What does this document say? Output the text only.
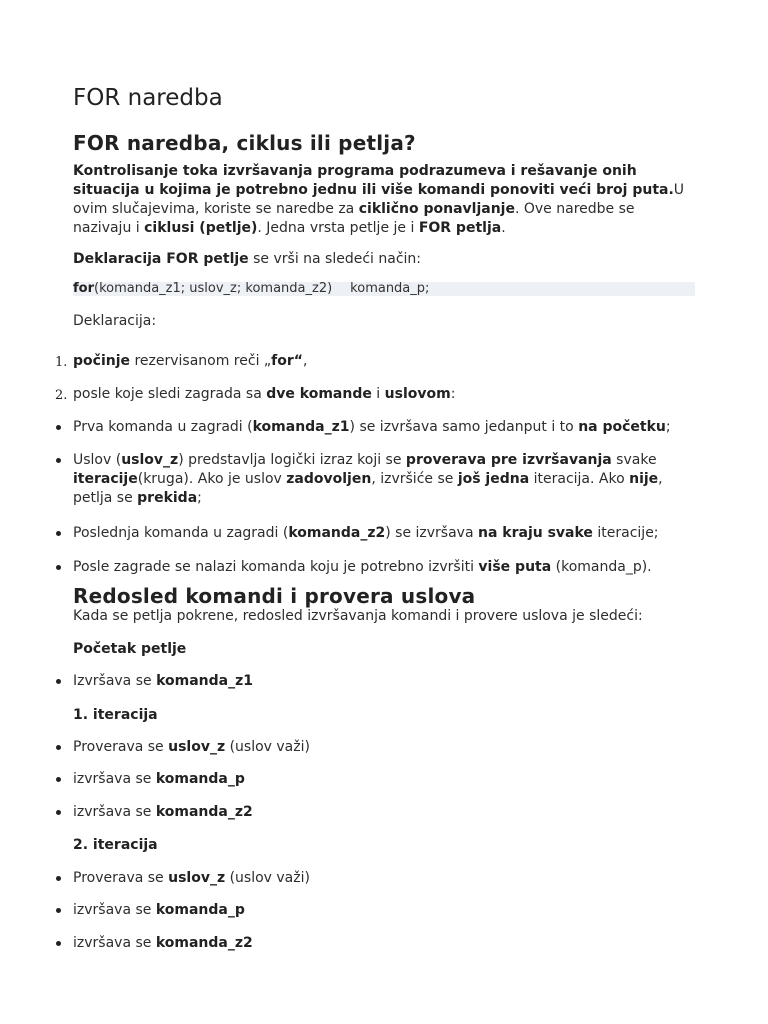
FOR naredba
FOR naredba, ciklus ili petlja?

Kontrolisanje toka izvršavanja programa podrazumeva i rešavanje onih situacija u kojima je potrebno jednu ili više komandi ponoviti veći broj puta.U ovim slučajevima, koriste se naredbe za ciklično ponavljanje. Ove naredbe se nazivaju i ciklusi (petlje). Jedna vrsta petlje je i FOR petlja.

Deklaracija FOR petlje se vrši na sledeći način:

for(komanda_z1; uslov_z; komanda_z2) komanda_p;

Deklaracija:

1. počinje rezervisanom reči „for“,

2. posle koje sledi zagrada sa dve komande i uslovom:

Prva komanda u zagradi (komanda_z1) se izvršava samo jedanput i to na početku;

Uslov (uslov_z) predstavlja logički izraz koji se proverava pre izvršavanja svake iteracije(kruga). Ako je uslov zadovoljen, izvršiće se još jedna iteracija. Ako nije, petlja se prekida;

Poslednja komanda u zagradi (komanda_z2) se izvršava na kraju svake iteracije;

Posle zagrade se nalazi komanda koju je potrebno izvršiti više puta (komanda_p).

Redosled komandi i provera uslova

Kada se petlja pokrene, redosled izvršavanja komandi i provere uslova je sledeći:

Početak petlje

Izvršava se komanda_z1

1. iteracija

Proverava se uslov_z (uslov važi)

izvršava se komanda_p

izvršava se komanda_z2

2. iteracija

Proverava se uslov_z (uslov važi)

izvršava se komanda_p

izvršava se komanda_z2
